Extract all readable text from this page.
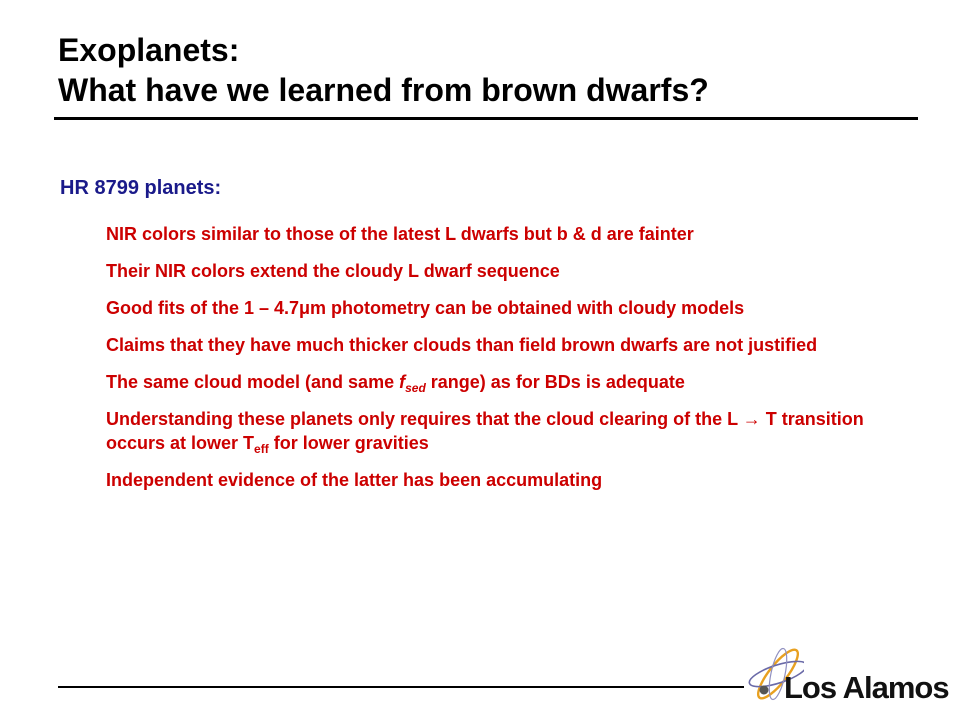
Exoplanets:
What have we learned from brown dwarfs?
HR 8799 planets:
NIR colors similar to those of the latest L dwarfs but b & d are fainter
Their NIR colors extend the cloudy L dwarf sequence
Good fits of the 1 – 4.7μm photometry can be obtained with cloudy models
Claims that they have much thicker clouds than field brown dwarfs are not justified
The same cloud model (and same $f_{sed}$ range) as for BDs is adequate
Understanding these planets only requires that the cloud clearing of the L → T transition occurs at lower $T_{eff}$ for lower gravities
Independent evidence of the latter has been accumulating
Los Alamos
